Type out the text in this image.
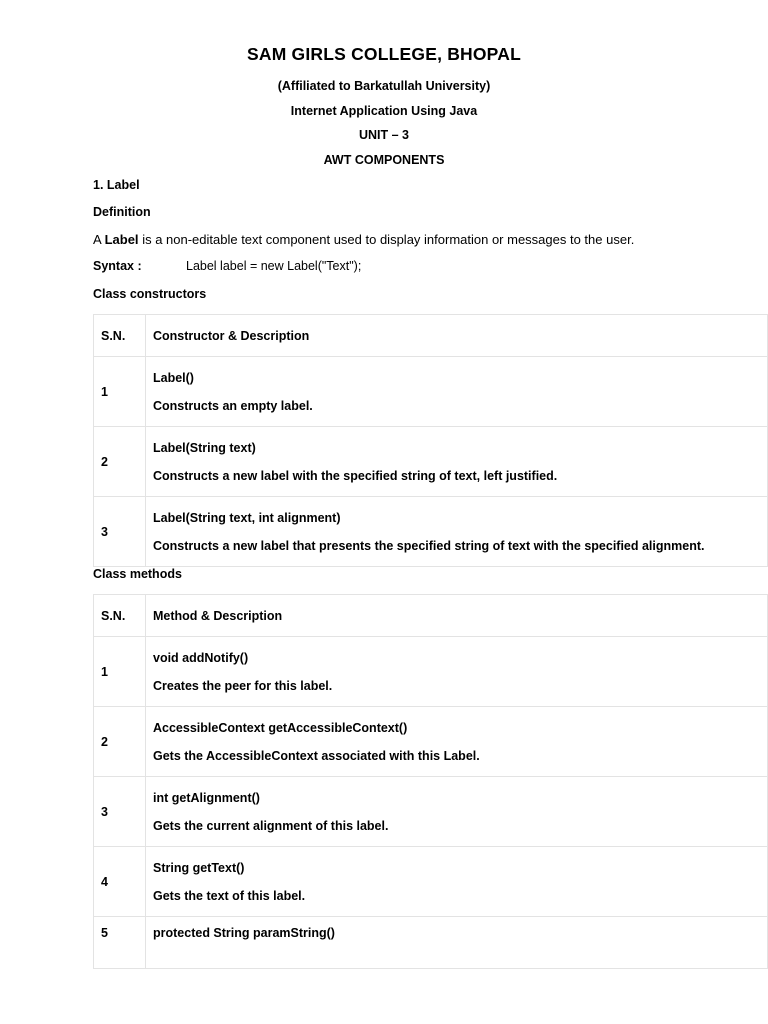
SAM GIRLS COLLEGE, BHOPAL
(Affiliated to Barkatullah University)
Internet Application Using Java
UNIT – 3
AWT COMPONENTS
1. Label
Definition
A Label is a non-editable text component used to display information or messages to the user.
Syntax :	Label label = new Label("Text");
Class constructors
S.N.	Constructor & Description
1	Label()
Constructs an empty label.

2	Label(String text)
Constructs a new label with the specified string of text, left justified.

3	Label(String text, int alignment)
Constructs a new label that presents the specified string of text with the specified alignment.
Class methods
S.N.	Method & Description
1	void addNotify()
Creates the peer for this label.

2	AccessibleContext getAccessibleContext()
Gets the AccessibleContext associated with this Label.

3	int getAlignment()
Gets the current alignment of this label.

4	String getText()
Gets the text of this label.

5	protected String paramString()
